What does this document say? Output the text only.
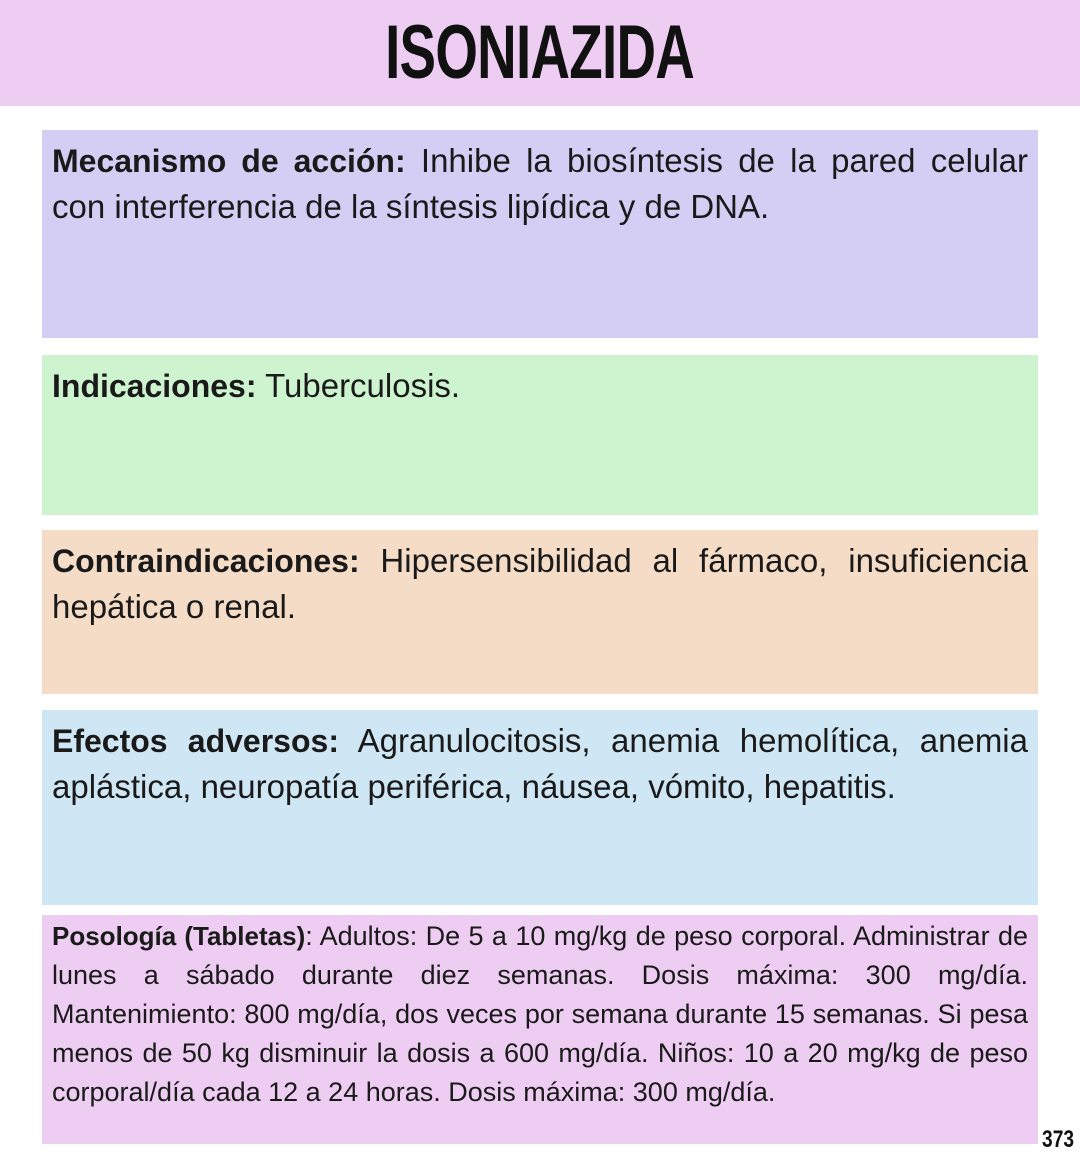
ISONIAZIDA

Mecanismo de acción: Inhibe la biosíntesis de la pared celular con interferencia de la síntesis lipídica y de DNA.

Indicaciones: Tuberculosis.

Contraindicaciones: Hipersensibilidad al fármaco, insuficiencia hepática o renal.

Efectos adversos: Agranulocitosis, anemia hemolítica, anemia aplástica, neuropatía periférica, náusea, vómito, hepatitis.

Posología (Tabletas): Adultos: De 5 a 10 mg/kg de peso corporal. Administrar de lunes a sábado durante diez semanas. Dosis máxima: 300 mg/día. Mantenimiento: 800 mg/día, dos veces por semana durante 15 semanas. Si pesa menos de 50 kg disminuir la dosis a 600 mg/día. Niños: 10 a 20 mg/kg de peso corporal/día cada 12 a 24 horas. Dosis máxima: 300 mg/día.

373
